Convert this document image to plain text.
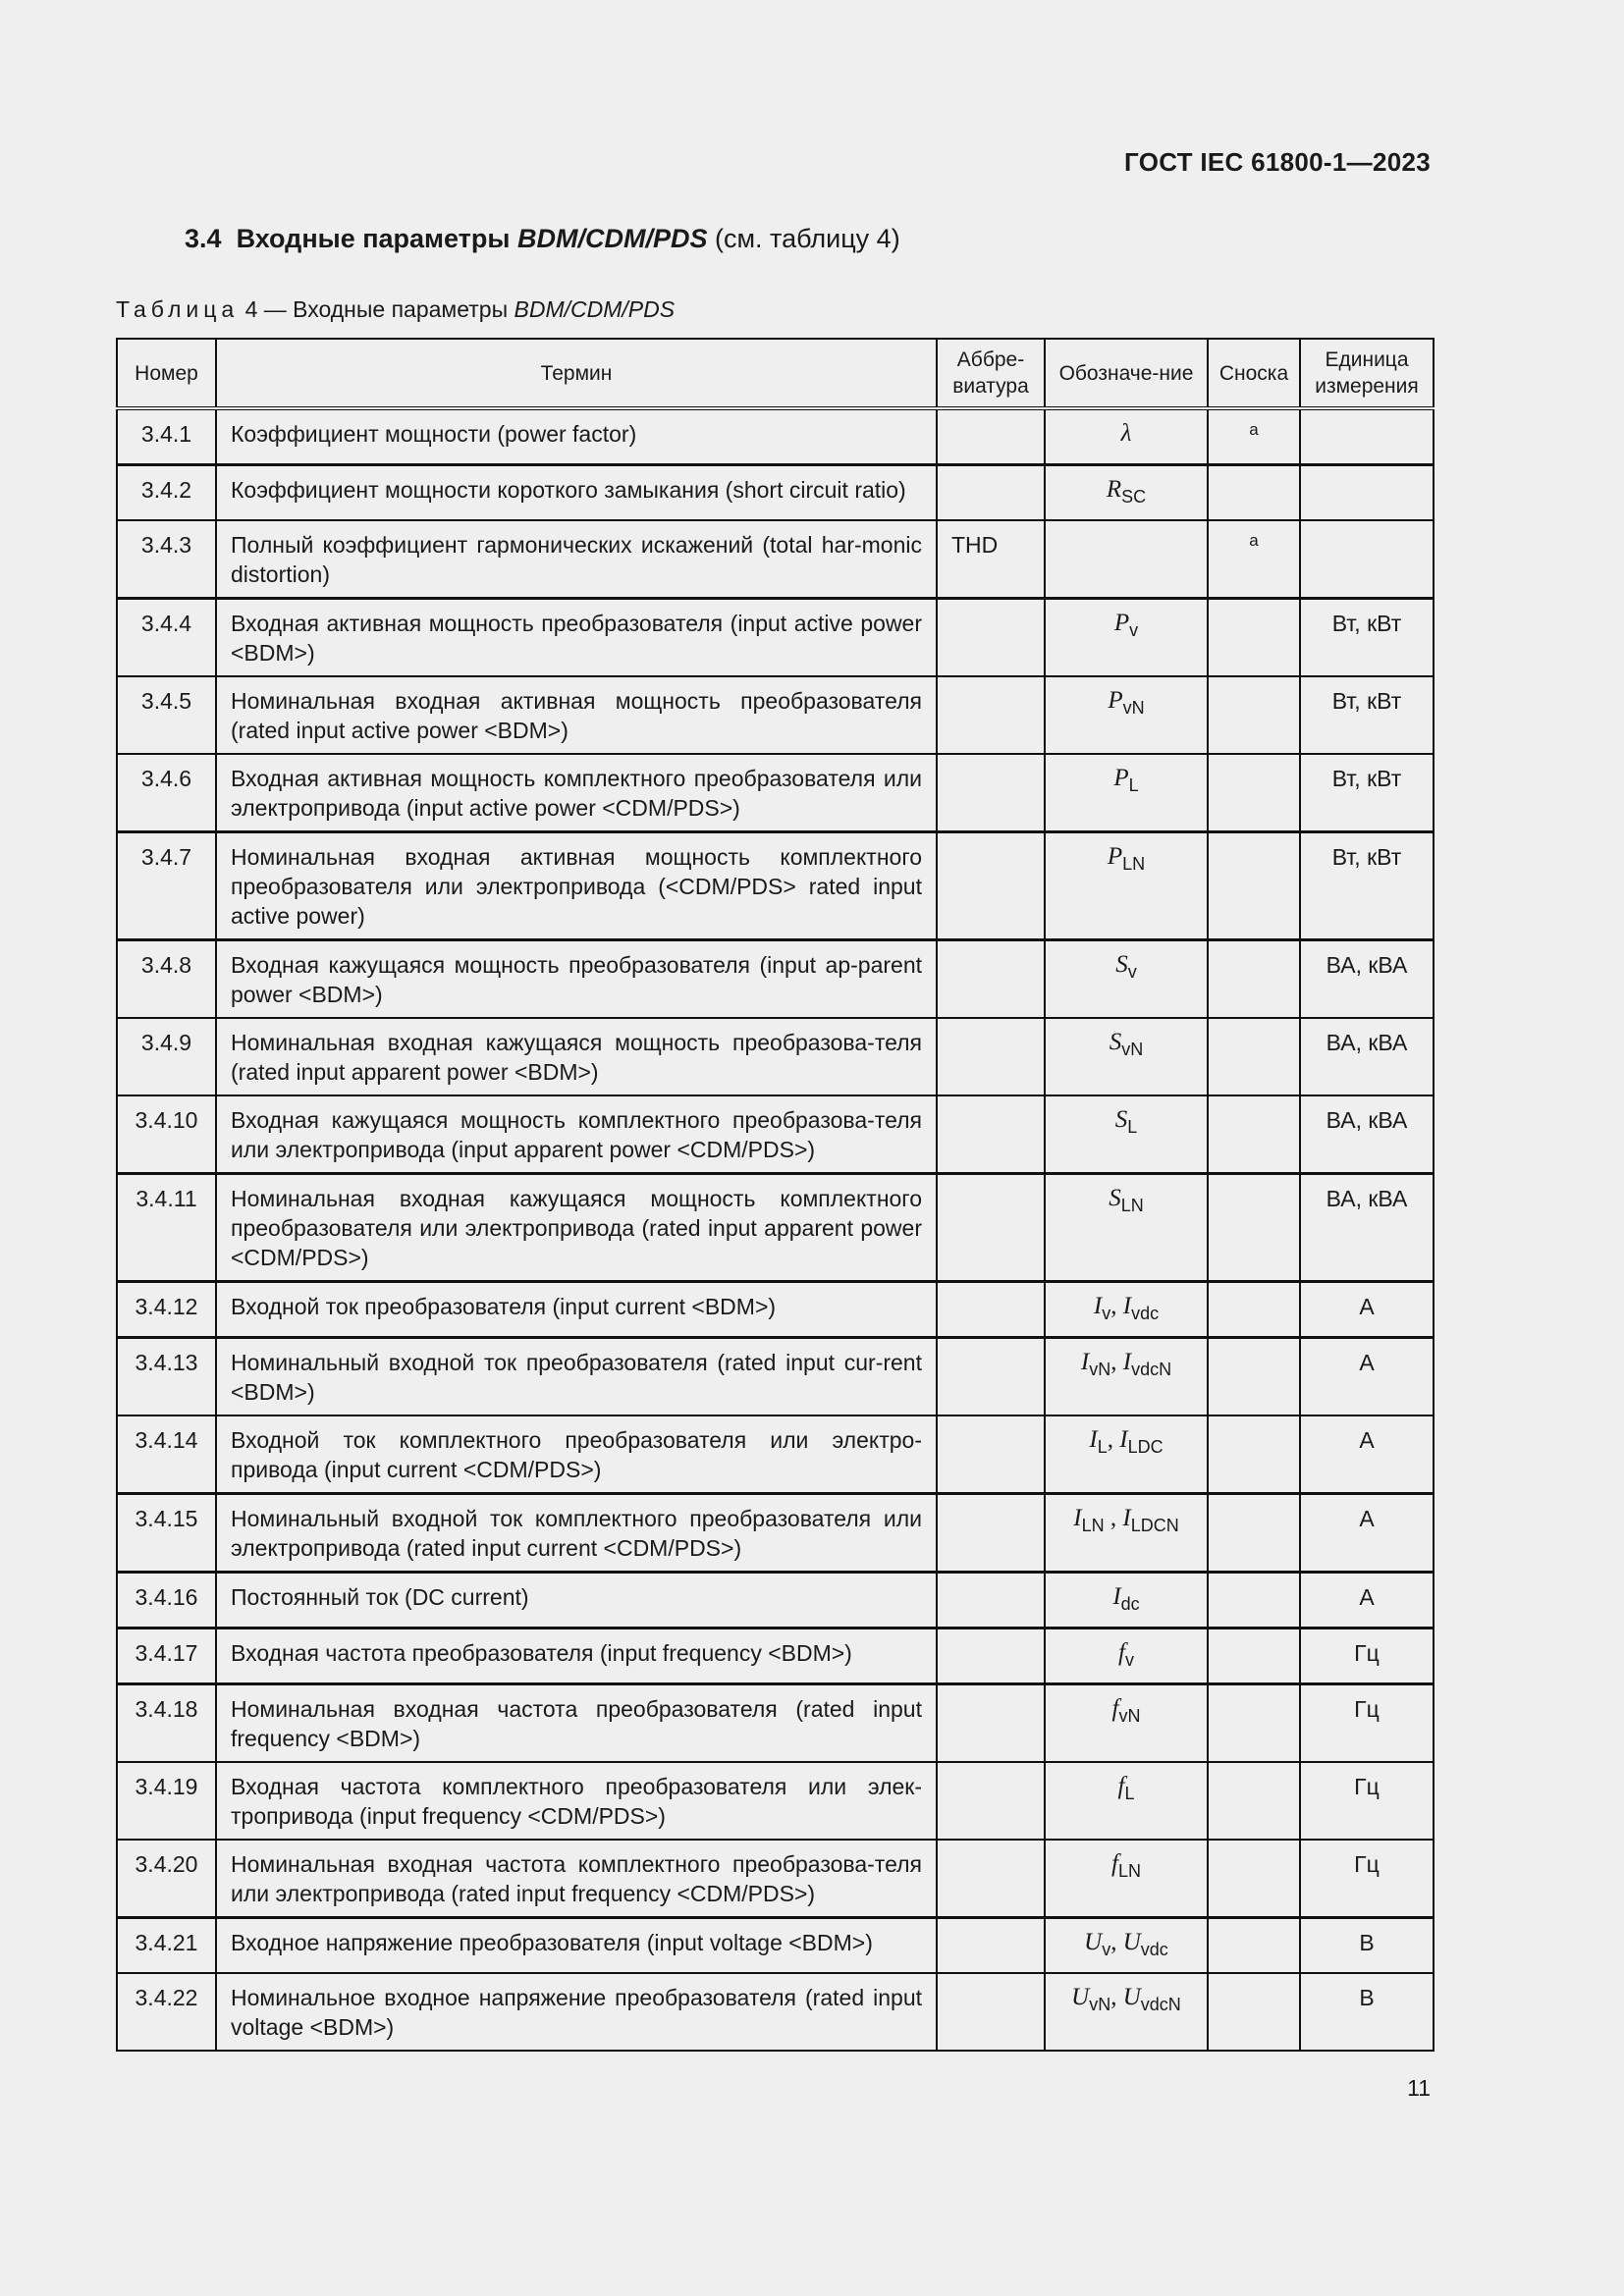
ГОСТ IEC 61800-1—2023
3.4 Входные параметры BDM/CDM/PDS (см. таблицу 4)
Таблица 4 — Входные параметры BDM/CDM/PDS
Номер	Термин	Аббре-виатура	Обозначе-ние	Сноска	Единица измерения
3.4.1	Коэффициент мощности (power factor)		λ	a	
3.4.2	Коэффициент мощности короткого замыкания (short circuit ratio)		$R_{SC}$		
3.4.3	Полный коэффициент гармонических искажений (total har-monic distortion)	THD		a	
3.4.4	Входная активная мощность преобразователя (input active power <BDM>)		$P_v$		Вт, кВт
3.4.5	Номинальная входная активная мощность преобразователя (rated input active power <BDM>)		$P_{vN}$		Вт, кВт
3.4.6	Входная активная мощность комплектного преобразователя или электропривода (input active power <CDM/PDS>)		$P_L$		Вт, кВт
3.4.7	Номинальная входная активная мощность комплектного преобразователя или электропривода (<CDM/PDS> rated input active power)		$P_{LN}$		Вт, кВт
3.4.8	Входная кажущаяся мощность преобразователя (input ap-parent power <BDM>)		$S_v$		ВА, кВА
3.4.9	Номинальная входная кажущаяся мощность преобразова-теля (rated input apparent power <BDM>)		$S_{vN}$		ВА, кВА
3.4.10	Входная кажущаяся мощность комплектного преобразова-теля или электропривода (input apparent power <CDM/PDS>)		$S_L$		ВА, кВА
3.4.11	Номинальная входная кажущаяся мощность комплектного преобразователя или электропривода (rated input apparent power <CDM/PDS>)		$S_{LN}$		ВА, кВА
3.4.12	Входной ток преобразователя (input current <BDM>)		$I_v$, $I_{vdc}$		А
3.4.13	Номинальный входной ток преобразователя (rated input cur-rent <BDM>)		$I_{vN}$, $I_{vdcN}$		А
3.4.14	Входной ток комплектного преобразователя или электро-привода (input current <CDM/PDS>)		$I_L$, $I_{LDC}$		А
3.4.15	Номинальный входной ток комплектного преобразователя или электропривода (rated input current <CDM/PDS>)		$I_{LN}$ , $I_{LDCN}$		А
3.4.16	Постоянный ток (DC current)		$I_{dc}$		А
3.4.17	Входная частота преобразователя (input frequency <BDM>)		$f_v$		Гц
3.4.18	Номинальная входная частота преобразователя (rated input frequency <BDM>)		$f_{vN}$		Гц
3.4.19	Входная частота комплектного преобразователя или элек-тропривода (input frequency <CDM/PDS>)		$f_L$		Гц
3.4.20	Номинальная входная частота комплектного преобразова-теля или электропривода (rated input frequency <CDM/PDS>)		$f_{LN}$		Гц
3.4.21	Входное напряжение преобразователя (input voltage <BDM>)		$U_v$, $U_{vdc}$		В
3.4.22	Номинальное входное напряжение преобразователя (rated input voltage <BDM>)		$U_{vN}$, $U_{vdcN}$		В
11
